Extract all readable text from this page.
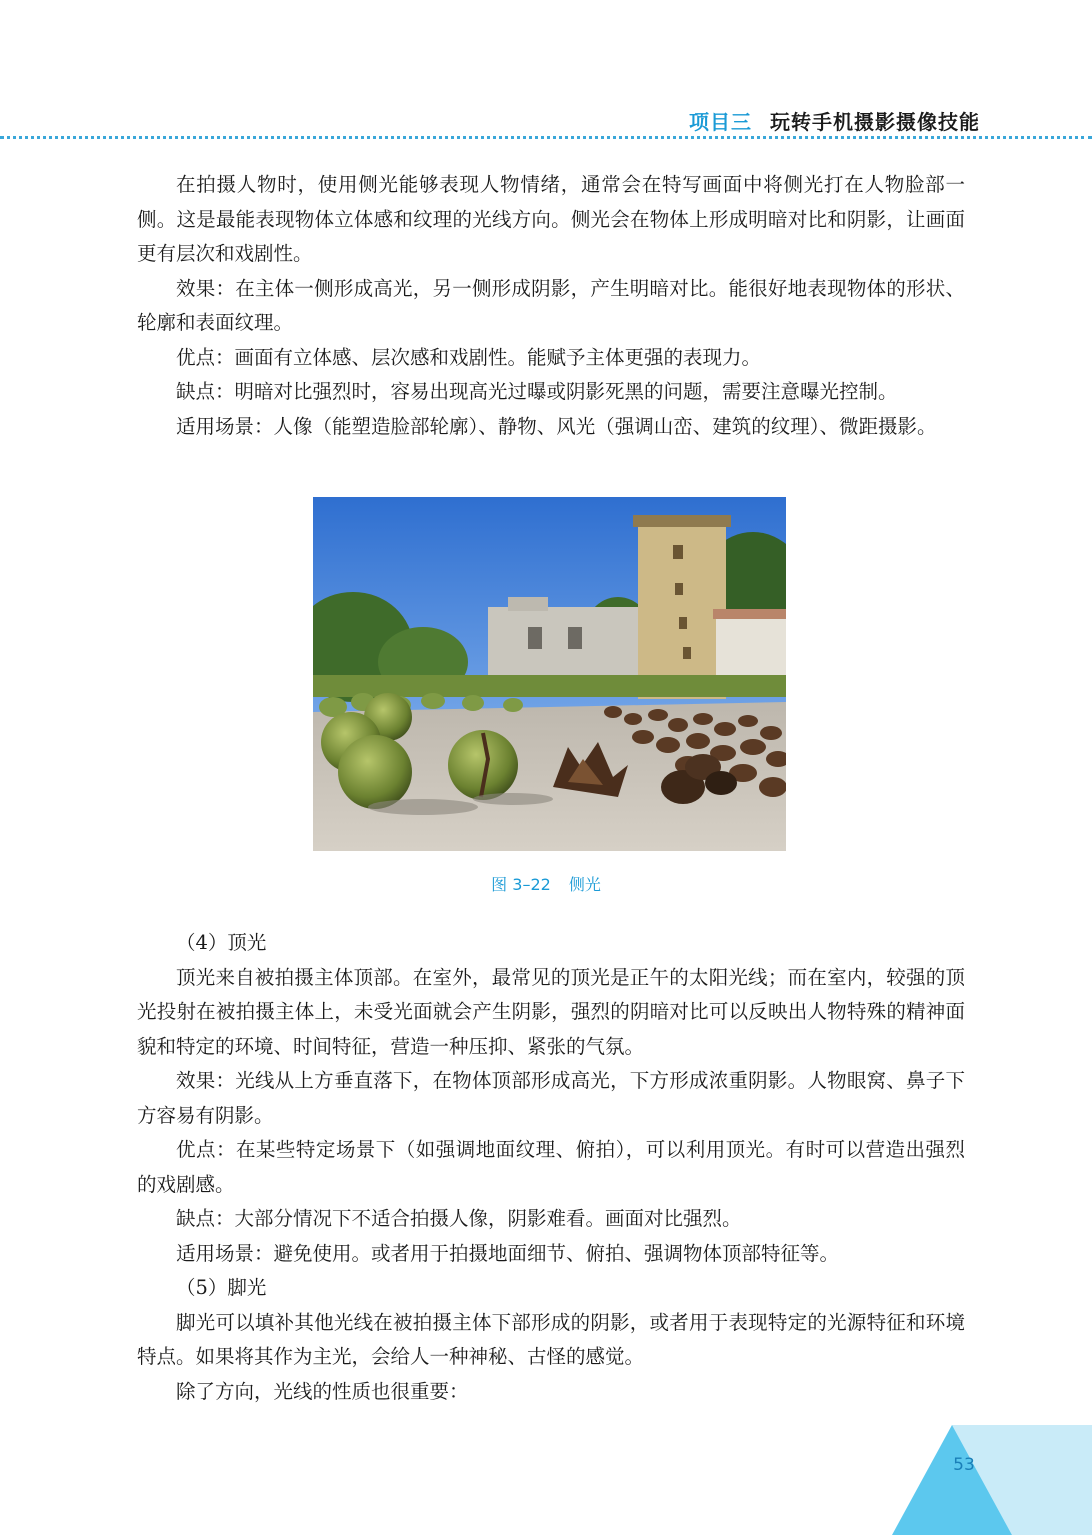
项目三 玩转手机摄影摄像技能

在拍摄人物时，使用侧光能够表现人物情绪，通常会在特写画面中将侧光打在人物脸部一侧。这是最能表现物体立体感和纹理的光线方向。侧光会在物体上形成明暗对比和阴影，让画面更有层次和戏剧性。

效果：在主体一侧形成高光，另一侧形成阴影，产生明暗对比。能很好地表现物体的形状、轮廓和表面纹理。

优点：画面有立体感、层次感和戏剧性。能赋予主体更强的表现力。

缺点：明暗对比强烈时，容易出现高光过曝或阴影死黑的问题，需要注意曝光控制。

适用场景：人像（能塑造脸部轮廓）、静物、风光（强调山峦、建筑的纹理）、微距摄影。

图 3–22 侧光

（4）顶光

顶光来自被拍摄主体顶部。在室外，最常见的顶光是正午的太阳光线；而在室内，较强的顶光投射在被拍摄主体上，未受光面就会产生阴影，强烈的阴暗对比可以反映出人物特殊的精神面貌和特定的环境、时间特征，营造一种压抑、紧张的气氛。

效果：光线从上方垂直落下，在物体顶部形成高光，下方形成浓重阴影。人物眼窝、鼻子下方容易有阴影。

优点：在某些特定场景下（如强调地面纹理、俯拍），可以利用顶光。有时可以营造出强烈的戏剧感。

缺点：大部分情况下不适合拍摄人像，阴影难看。画面对比强烈。

适用场景：避免使用。或者用于拍摄地面细节、俯拍、强调物体顶部特征等。

（5）脚光

脚光可以填补其他光线在被拍摄主体下部形成的阴影，或者用于表现特定的光源特征和环境特点。如果将其作为主光，会给人一种神秘、古怪的感觉。

除了方向，光线的性质也很重要：

53
